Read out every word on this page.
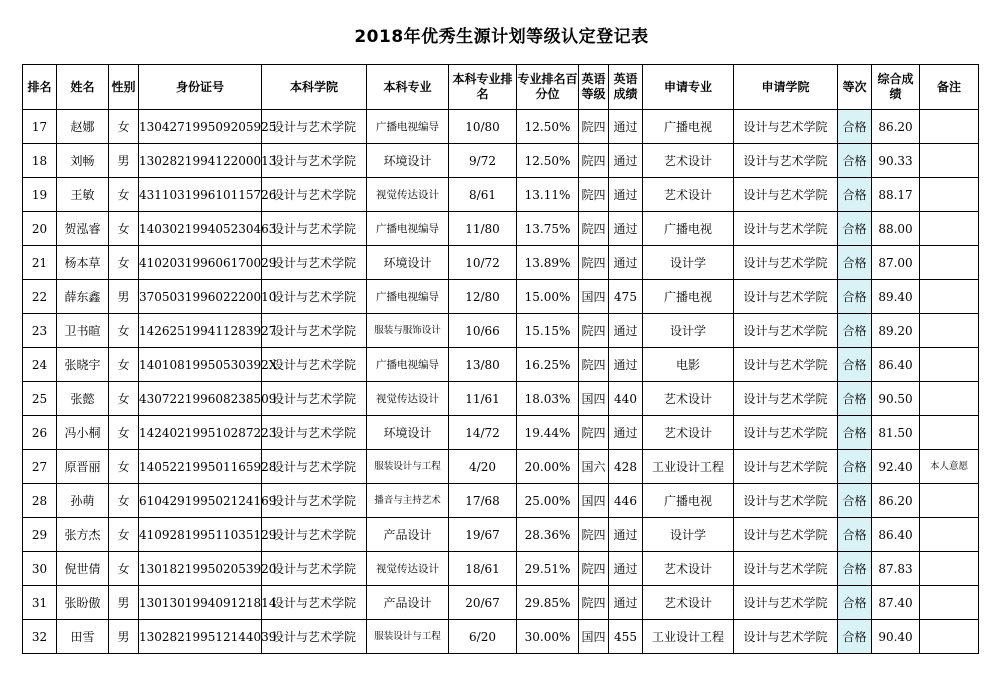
2018年优秀生源计划等级认定登记表
排名	姓名	性别	身份证号	本科学院	本科专业	本科专业排名	专业排名百分位	英语等级	英语成绩	申请专业	申请学院	等次	综合成绩	备注
17	赵娜	女	130427199509205925	设计与艺术学院	广播电视编导	10/80	12.50%	院四	通过	广播电视	设计与艺术学院	合格	86.20	
18	刘畅	男	130282199412200013	设计与艺术学院	环境设计	9/72	12.50%	院四	通过	艺术设计	设计与艺术学院	合格	90.33	
19	王敏	女	431103199610115726	设计与艺术学院	视觉传达设计	8/61	13.11%	院四	通过	艺术设计	设计与艺术学院	合格	88.17	
20	贺泓睿	女	140302199405230463	设计与艺术学院	广播电视编导	11/80	13.75%	院四	通过	广播电视	设计与艺术学院	合格	88.00	
21	杨本草	女	410203199606170029	设计与艺术学院	环境设计	10/72	13.89%	院四	通过	设计学	设计与艺术学院	合格	87.00	
22	薛东鑫	男	370503199602220010	设计与艺术学院	广播电视编导	12/80	15.00%	国四	475	广播电视	设计与艺术学院	合格	89.40	
23	卫书暄	女	142625199411283927	设计与艺术学院	服装与服饰设计	10/66	15.15%	院四	通过	设计学	设计与艺术学院	合格	89.20	
24	张晓宇	女	14010819950530392X	设计与艺术学院	广播电视编导	13/80	16.25%	院四	通过	电影	设计与艺术学院	合格	86.40	
25	张懿	女	430722199608238509	设计与艺术学院	视觉传达设计	11/61	18.03%	国四	440	艺术设计	设计与艺术学院	合格	90.50	
26	冯小桐	女	142402199510287223	设计与艺术学院	环境设计	14/72	19.44%	院四	通过	艺术设计	设计与艺术学院	合格	81.50	
27	原晋丽	女	140522199501165928	设计与艺术学院	服装设计与工程	4/20	20.00%	国六	428	工业设计工程	设计与艺术学院	合格	92.40	本人意愿
28	孙萌	女	610429199502124169	设计与艺术学院	播音与主持艺术	17/68	25.00%	国四	446	广播电视	设计与艺术学院	合格	86.20	
29	张方杰	女	410928199511035129	设计与艺术学院	产品设计	19/67	28.36%	院四	通过	设计学	设计与艺术学院	合格	86.40	
30	倪世倩	女	130182199502053920	设计与艺术学院	视觉传达设计	18/61	29.51%	院四	通过	艺术设计	设计与艺术学院	合格	87.83	
31	张盼傲	男	130130199409121814	设计与艺术学院	产品设计	20/67	29.85%	院四	通过	艺术设计	设计与艺术学院	合格	87.40	
32	田雪	男	130282199512144039	设计与艺术学院	服装设计与工程	6/20	30.00%	国四	455	工业设计工程	设计与艺术学院	合格	90.40	
